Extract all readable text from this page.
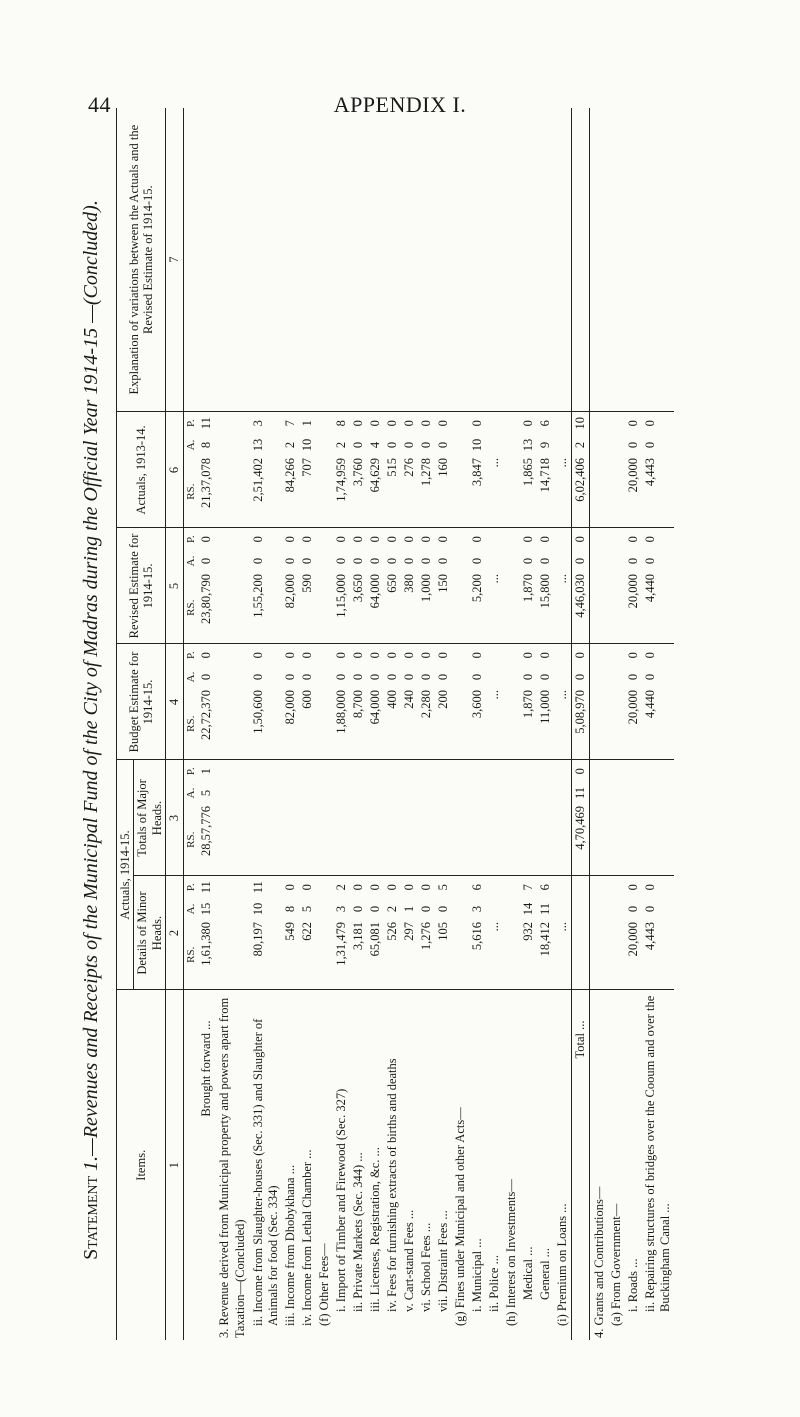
44	APPENDIX I.
Statement 1.—Revenues and Receipts of the Municipal Fund of the City of Madras during the Official Year 1914-15 —(Concluded).
Items.	Actuals, 1914-15.						Budget Estimate for 1914-15.			Revised Estimate for 1914-15.			Actuals, 1913-14.			Explanation of variations between the Actuals and the Revised Estimate of 1914-15.
	Details of Minor Heads.			Totals of Major Heads.												
1	2			3			4			5			6			7
	RS.	A.	P.	RS.	A.	P.	RS.	A.	P.	RS.	A.	P.	RS.	A.	P.	
Brought forward ...	1,61,380	15	11	28,57,776	5	1	22,72,370	0	0	23,80,790	0	0	21,37,078	8	11	
3. Revenue derived from Municipal property and powers apart from Taxation—(Concluded)																
ii. Income from Slaughter-houses (Sec. 331) and Slaughter of Animals for food (Sec. 334)	80,197	10	11				1,50,600	0	0	1,55,200	0	0	2,51,402	13	3	
iii. Income from Dhobykhana ...	549	8	0				82,000	0	0	82,000	0	0	84,266	2	7	
iv. Income from Lethal Chamber ...	622	5	0				600	0	0	590	0	0	707	10	1	
(f) Other Fees—																
i. Import of Timber and Firewood (Sec. 327)	1,31,479	3	2				1,88,000	0	0	1,15,000	0	0	1,74,959	2	8	
ii. Private Markets (Sec. 344) ...	3,181	0	0				8,700	0	0	3,650	0	0	3,760	0	0	
iii. Licenses, Registration, &c. ...	65,081	0	0				64,000	0	0	64,000	0	0	64,629	4	0	
iv. Fees for furnishing extracts of births and deaths	526	2	0				400	0	0	650	0	0	515	0	0	
v. Cart-stand Fees ...	297	1	0				240	0	0	380	0	0	276	0	0	
vi. School Fees ...	1,276	0	0				2,280	0	0	1,000	0	0	1,278	0	0	
vii. Distraint Fees ...	105	0	5				200	0	0	150	0	0	160	0	0	
(g) Fines under Municipal and other Acts—																
i. Municipal ...	5,616	3	6				3,600	0	0	5,200	0	0	3,847	10	0	
ii. Police ...	...						...			...			...			
(h) Interest on Investments—																
Medical ...	932	14	7				1,870	0	0	1,870	0	0	1,865	13	0	
General ...	18,412	11	6				11,000	0	0	15,800	0	0	14,718	9	6	
(i) Premium on Loans ...	...						...			...			...			
Total ...				4,70,469	11	0	5,08,970	0	0	4,46,030	0	0	6,02,406	2	10	
4. Grants and Contributions—																
(a) From Government—																
i. Roads ...	20,000	0	0				20,000	0	0	20,000	0	0	20,000	0	0	
ii. Repairing structures of bridges over the Cooum and over the Buckingham Canal ...	4,443	0	0				4,440	0	0	4,440	0	0	4,443	0	0	
